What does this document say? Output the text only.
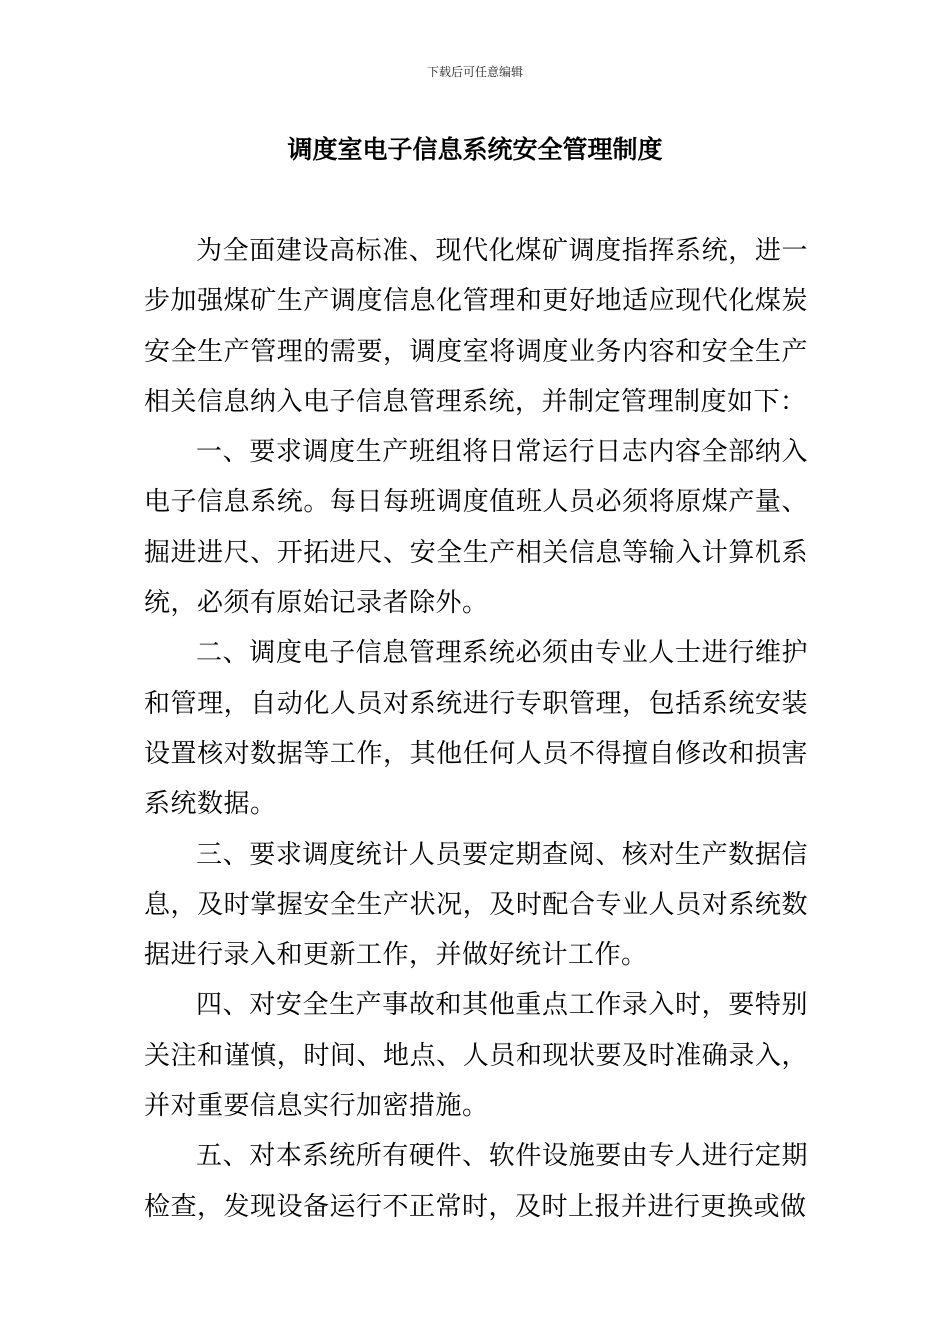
下载后可任意编辑
调度室电子信息系统安全管理制度

为全面建设高标准、现代化煤矿调度指挥系统，进一步加强煤矿生产调度信息化管理和更好地适应现代化煤炭安全生产管理的需要，调度室将调度业务内容和安全生产相关信息纳入电子信息管理系统，并制定管理制度如下：

一、要求调度生产班组将日常运行日志内容全部纳入电子信息系统。每日每班调度值班人员必须将原煤产量、掘进进尺、开拓进尺、安全生产相关信息等输入计算机系统，必须有原始记录者除外。

二、调度电子信息管理系统必须由专业人士进行维护和管理，自动化人员对系统进行专职管理，包括系统安装设置核对数据等工作，其他任何人员不得擅自修改和损害系统数据。

三、要求调度统计人员要定期查阅、核对生产数据信息，及时掌握安全生产状况，及时配合专业人员对系统数据进行录入和更新工作，并做好统计工作。

四、对安全生产事故和其他重点工作录入时，要特别关注和谨慎，时间、地点、人员和现状要及时准确录入，并对重要信息实行加密措施。

五、对本系统所有硬件、软件设施要由专人进行定期检查，发现设备运行不正常时，及时上报并进行更换或做
